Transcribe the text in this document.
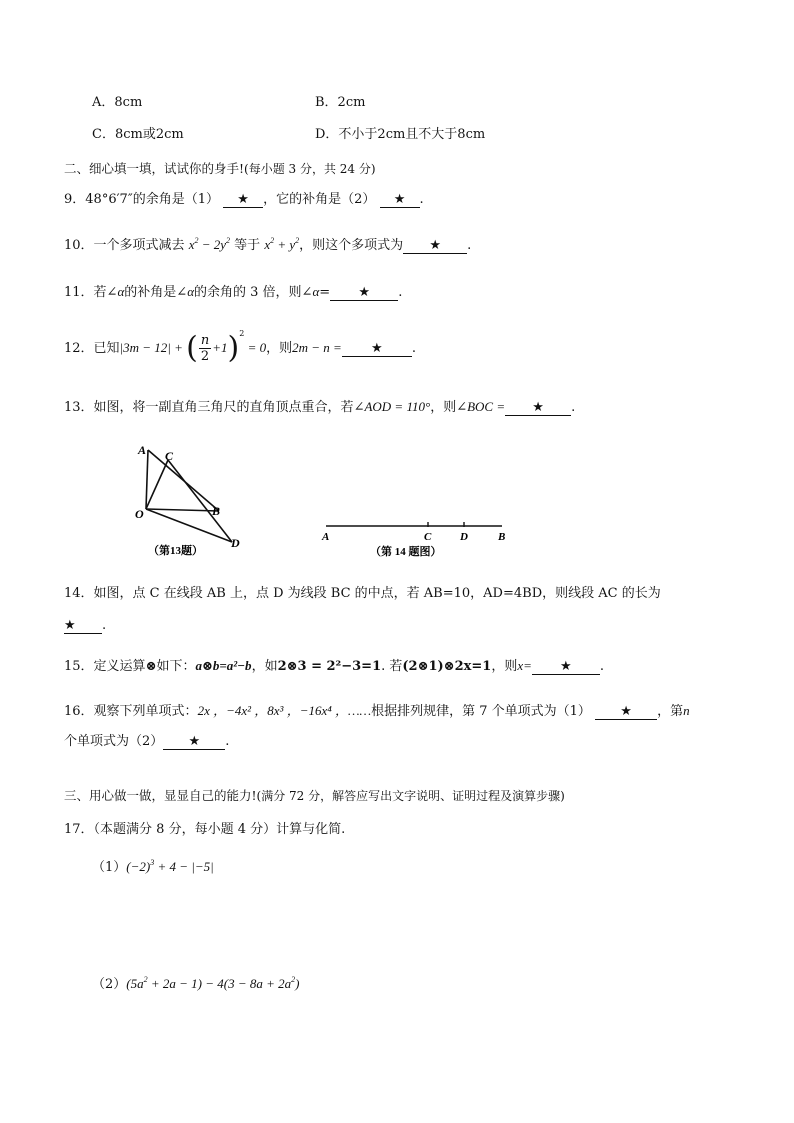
A．8cm	B．2cm
C．8cm或2cm	D．不小于2cm且不大于8cm
二、细心填一填，试试你的身手!(每小题 3 分，共 24 分)
9．48°6′7″的余角是（1） ★ ，它的补角是（2） ★ .
10．一个多项式减去 $x^2 - 2y^2$ 等于 $x^2 + y^2$，则这个多项式为 ★ .
11．若∠α的补角是∠α的余角的 3 倍，则∠α= ★ .
12．已知|3m − 12| + ( $\frac{n}{2} +1)^2 = 0$，则2m − n = ★ .
13．如图，将一副直角三角尺的直角顶点重合，若∠AOD = 110°，则∠BOC = ★ .
A C
O	B
D
（第13题）
A	C	D	B
（第 14 题图）
14．如图，点 C 在线段 AB 上，点 D 为线段 BC 的中点，若 AB=10，AD=4BD，则线段 AC 的长为
★ .
15．定义运算⊗如下：a⊗b=a²−b，如2⊗3 = 2²−3=1. 若(2⊗1)⊗2x=1，则x= ★ .
16．观察下列单项式：2x ，−4x² ，8x³ ，−16x⁴ ，……根据排列规律，第 7 个单项式为（1） ★ ，第n
个单项式为（2） ★ .
三、用心做一做，显显自己的能力!(满分 72 分，解答应写出文字说明、证明过程及演算步骤)
17．（本题满分 8 分，每小题 4 分）计算与化简.
$(1)(-2)^3 + 4 - |-5|$
$(2)(5a^2 + 2a - 1) - 4(3 - 8a + 2a^2)$
